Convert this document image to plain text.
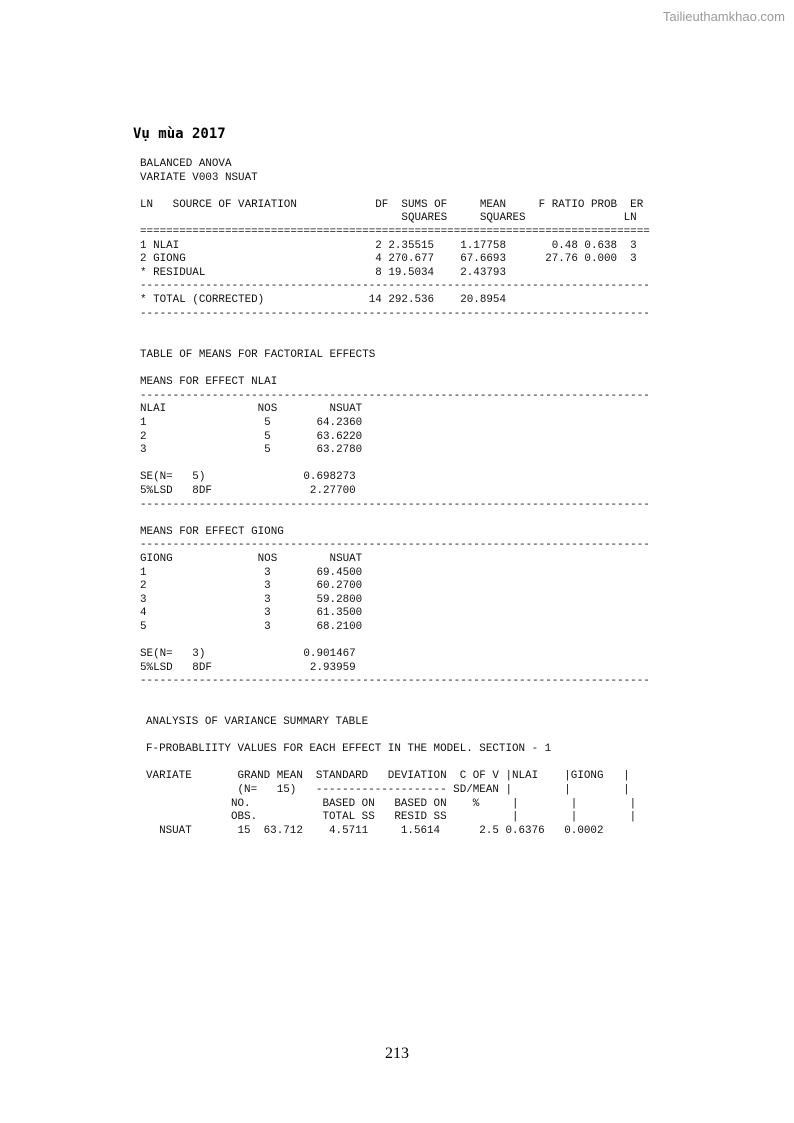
Tailieuthamkhao.com
Vụ mùa 2017
BALANCED ANOVA
VARIATE V003 NSUAT

LN   SOURCE OF VARIATION            DF  SUMS OF     MEAN     F RATIO PROB  ER
SQUARES     SQUARES               LN
==============================================================================
1 NLAI                              2 2.35515    1.17758       0.48 0.638  3
2 GIONG                             4 270.677    67.6693      27.76 0.000  3
* RESIDUAL                          8 19.5034    2.43793
------------------------------------------------------------------------------
* TOTAL (CORRECTED)                14 292.536    20.8954
------------------------------------------------------------------------------
TABLE OF MEANS FOR FACTORIAL EFFECTS

MEANS FOR EFFECT NLAI
------------------------------------------------------------------------------
NLAI              NOS        NSUAT
1                  5       64.2360
2                  5       63.6220
3                  5       63.2780

SE(N=   5)               0.698273
5%LSD   8DF               2.27700
------------------------------------------------------------------------------

MEANS FOR EFFECT GIONG
------------------------------------------------------------------------------
GIONG             NOS        NSUAT
1                  3       69.4500
2                  3       60.2700
3                  3       59.2800
4                  3       61.3500
5                  3       68.2100

SE(N=   3)               0.901467
5%LSD   8DF               2.93959
------------------------------------------------------------------------------
ANALYSIS OF VARIANCE SUMMARY TABLE

F-PROBABLIITY VALUES FOR EACH EFFECT IN THE MODEL. SECTION - 1

VARIATE       GRAND MEAN  STANDARD   DEVIATION  C OF V |NLAI    |GIONG   |
(N=   15)   -------------------- SD/MEAN |        |        |
NO.           BASED ON   BASED ON    %     |        |        |
OBS.          TOTAL SS   RESID SS          |        |        |
NSUAT       15  63.712    4.5711     1.5614      2.5 0.6376   0.0002
213
